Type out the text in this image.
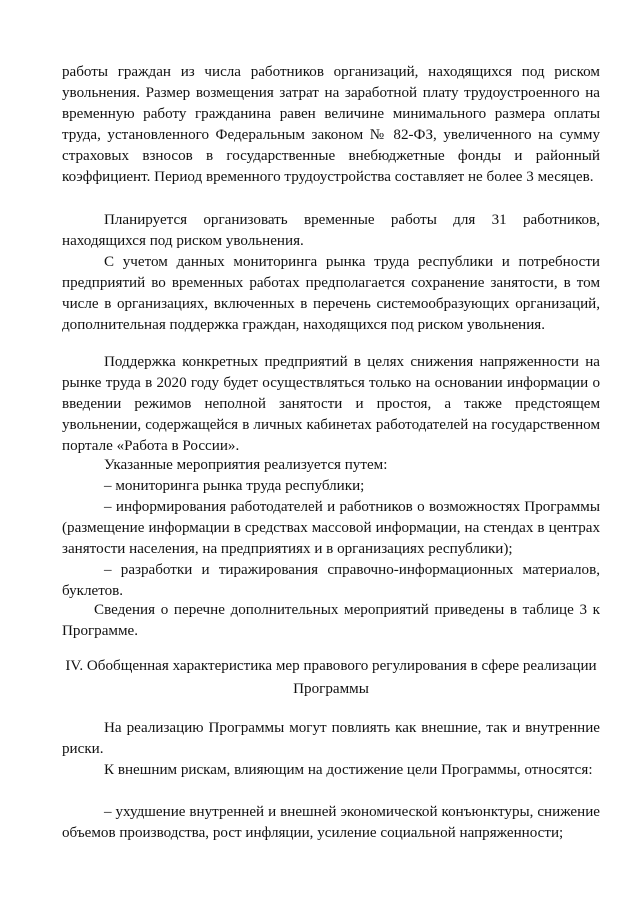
работы граждан из числа работников организаций, находящихся под риском увольнения. Размер возмещения затрат на заработной плату трудоустроенного на временную работу гражданина равен величине минимального размера оплаты труда, установленного Федеральным законом № 82-ФЗ, увеличенного на сумму страховых взносов в государственные внебюджетные фонды и районный коэффициент. Период временного трудоустройства составляет не более 3 месяцев.

Планируется организовать временные работы для 31 работников, находящихся под риском увольнения.

С учетом данных мониторинга рынка труда республики и потребности предприятий во временных работах предполагается сохранение занятости, в том числе в организациях, включенных в перечень системообразующих организаций, дополнительная поддержка граждан, находящихся под риском увольнения.

Поддержка конкретных предприятий в целях снижения напряженности на рынке труда в 2020 году будет осуществляться только на основании информации о введении режимов неполной занятости и простоя, а также предстоящем увольнении, содержащейся в личных кабинетах работодателей на государственном портале «Работа в России».

Указанные мероприятия реализуется путем:

– мониторинга рынка труда республики;

– информирования работодателей и работников о возможностях Программы (размещение информации в средствах массовой информации, на стендах в центрах занятости населения, на предприятиях и в организациях республики);

– разработки и тиражирования справочно-информационных материалов, буклетов.

Сведения о перечне дополнительных мероприятий приведены в таблице 3 к Программе.

IV. Обобщенная характеристика мер правового регулирования в сфере реализации
Программы

На реализацию Программы могут повлиять как внешние, так и внутренние риски.

К внешним рискам, влияющим на достижение цели Программы, относятся:

– ухудшение внутренней и внешней экономической конъюнктуры, снижение объемов производства, рост инфляции, усиление социальной напряженности;
